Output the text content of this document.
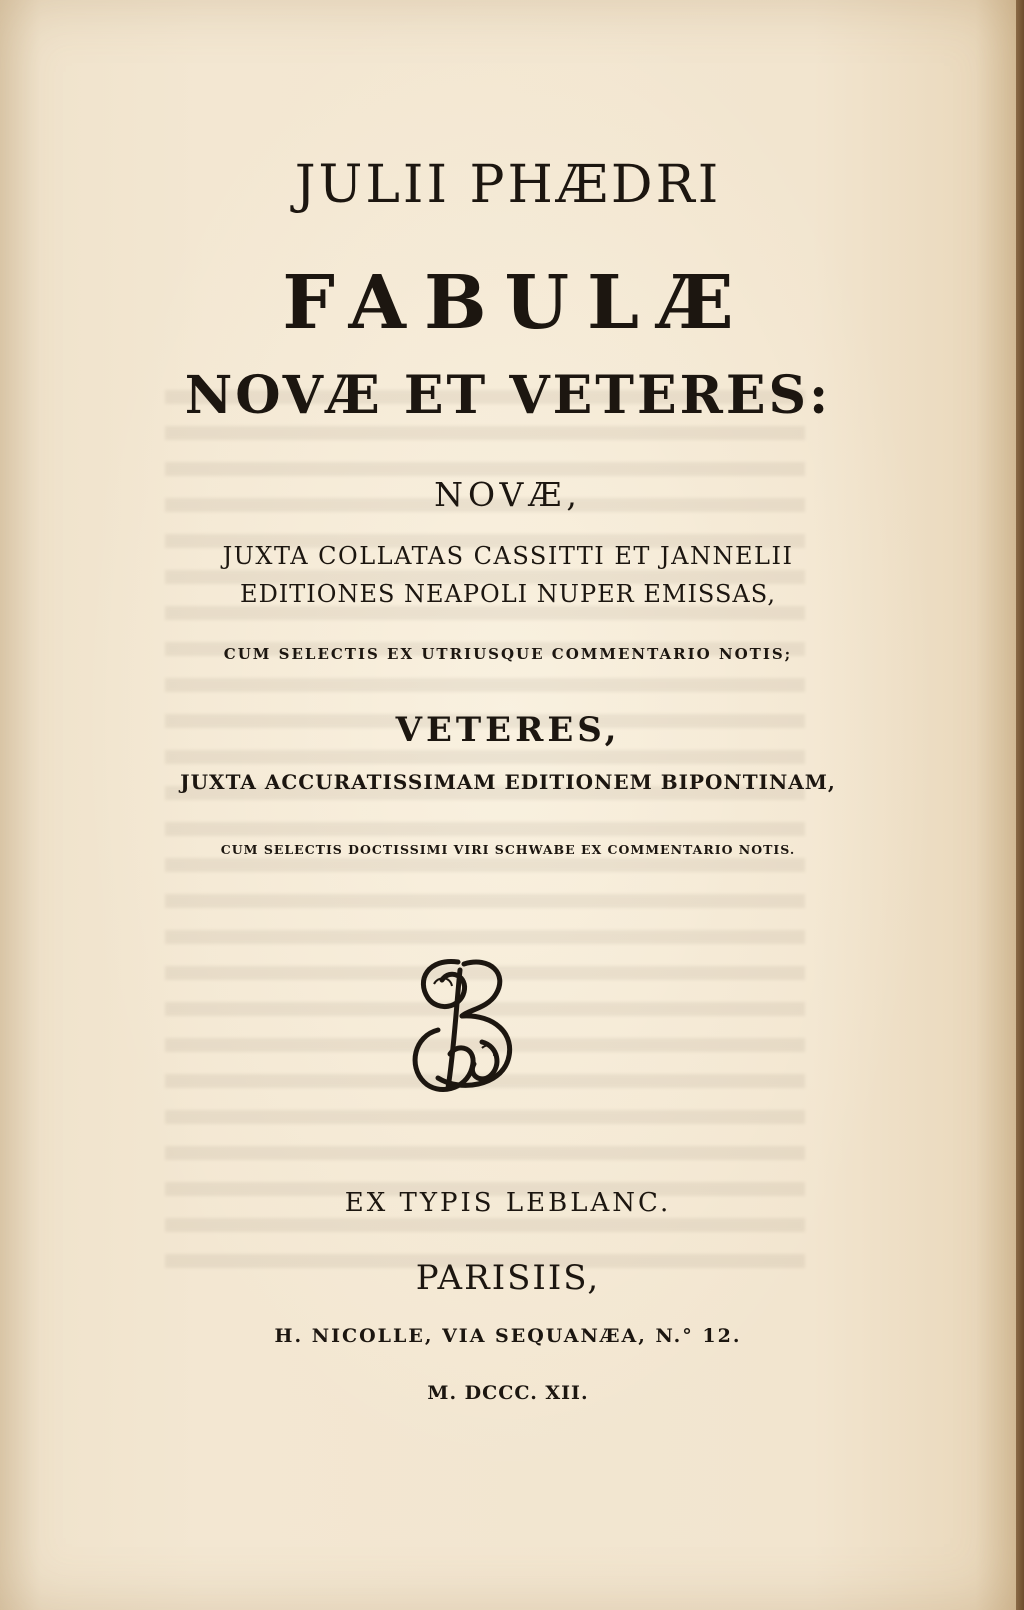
JULII PHÆDRI
FABULÆ
NOVÆ ET VETERES:
NOVÆ,
JUXTA COLLATAS CASSITTI ET JANNELII
EDITIONES NEAPOLI NUPER EMISSAS,
CUM SELECTIS EX UTRIUSQUE COMMENTARIO NOTIS;
VETERES,
JUXTA ACCURATISSIMAM EDITIONEM BIPONTINAM,
CUM SELECTIS DOCTISSIMI VIRI SCHWABE EX COMMENTARIO NOTIS.
EX TYPIS LEBLANC.
PARISIIS,
H. NICOLLE, VIA SEQUANÆA, N.° 12.
M. DCCC. XII.
